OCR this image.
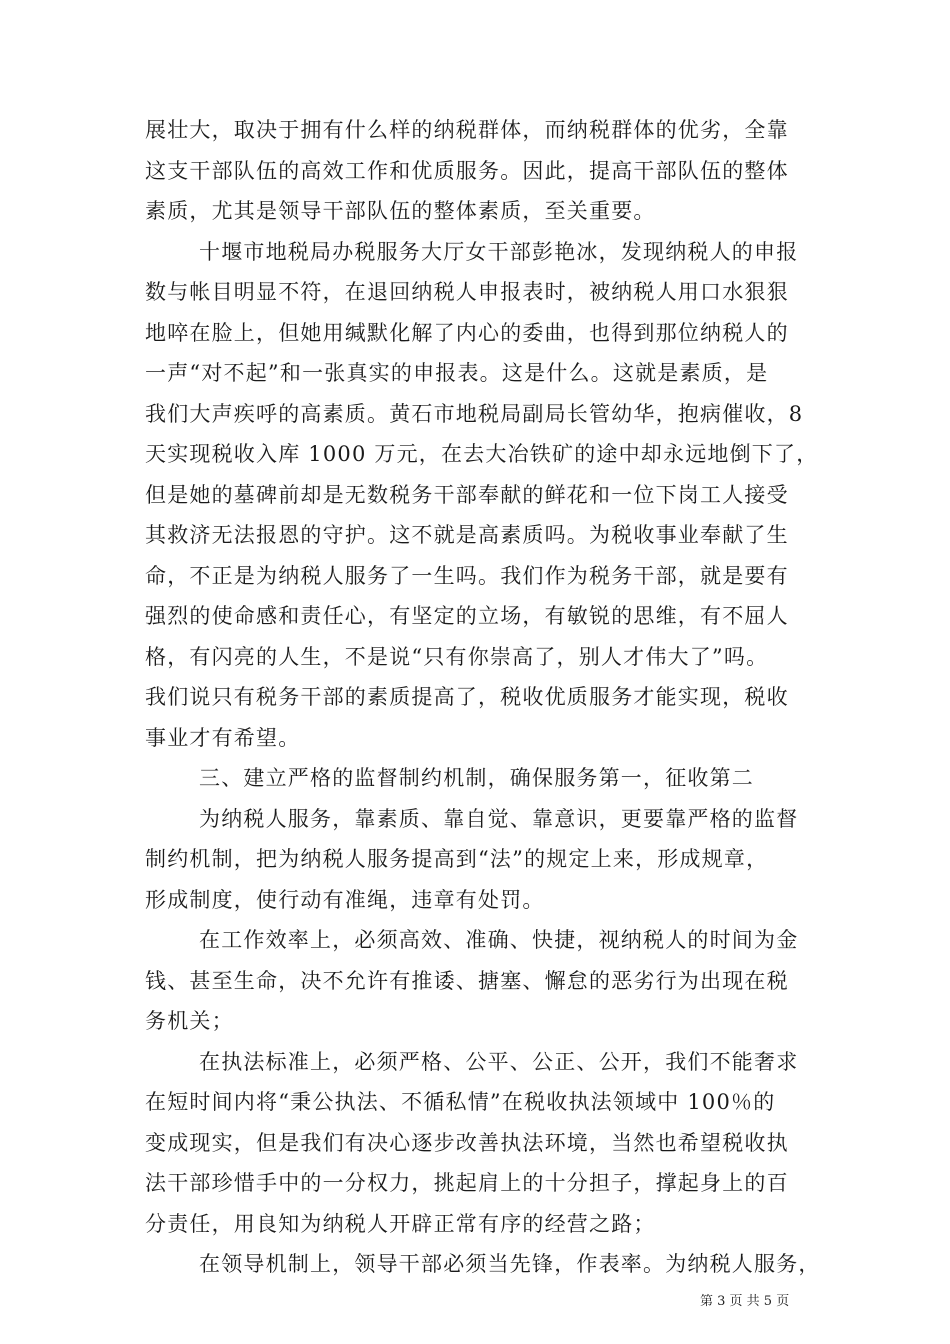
展壮大，取决于拥有什么样的纳税群体，而纳税群体的优劣，全靠
这支干部队伍的高效工作和优质服务。因此，提高干部队伍的整体
素质，尤其是领导干部队伍的整体素质，至关重要。
十堰市地税局办税服务大厅女干部彭艳冰，发现纳税人的申报
数与帐目明显不符，在退回纳税人申报表时，被纳税人用口水狠狠
地啐在脸上，但她用缄默化解了内心的委曲，也得到那位纳税人的
一声“对不起”和一张真实的申报表。这是什么。这就是素质，是
我们大声疾呼的高素质。黄石市地税局副局长管幼华，抱病催收，8
天实现税收入库 1000 万元，在去大冶铁矿的途中却永远地倒下了，
但是她的墓碑前却是无数税务干部奉献的鲜花和一位下岗工人接受
其救济无法报恩的守护。这不就是高素质吗。为税收事业奉献了生
命，不正是为纳税人服务了一生吗。我们作为税务干部，就是要有
强烈的使命感和责任心，有坚定的立场，有敏锐的思维，有不屈人
格，有闪亮的人生，不是说“只有你崇高了，别人才伟大了”吗。
我们说只有税务干部的素质提高了，税收优质服务才能实现，税收
事业才有希望。
三、建立严格的监督制约机制，确保服务第一，征收第二
为纳税人服务，靠素质、靠自觉、靠意识，更要靠严格的监督
制约机制，把为纳税人服务提高到“法”的规定上来，形成规章，
形成制度，使行动有准绳，违章有处罚。
在工作效率上，必须高效、准确、快捷，视纳税人的时间为金
钱、甚至生命，决不允许有推诿、搪塞、懈怠的恶劣行为出现在税
务机关；
在执法标准上，必须严格、公平、公正、公开，我们不能奢求
在短时间内将“秉公执法、不循私情”在税收执法领域中 100％的
变成现实，但是我们有决心逐步改善执法环境，当然也希望税收执
法干部珍惜手中的一分权力，挑起肩上的十分担子，撑起身上的百
分责任，用良知为纳税人开辟正常有序的经营之路；
在领导机制上，领导干部必须当先锋，作表率。为纳税人服务，
第 3 页 共 5 页
